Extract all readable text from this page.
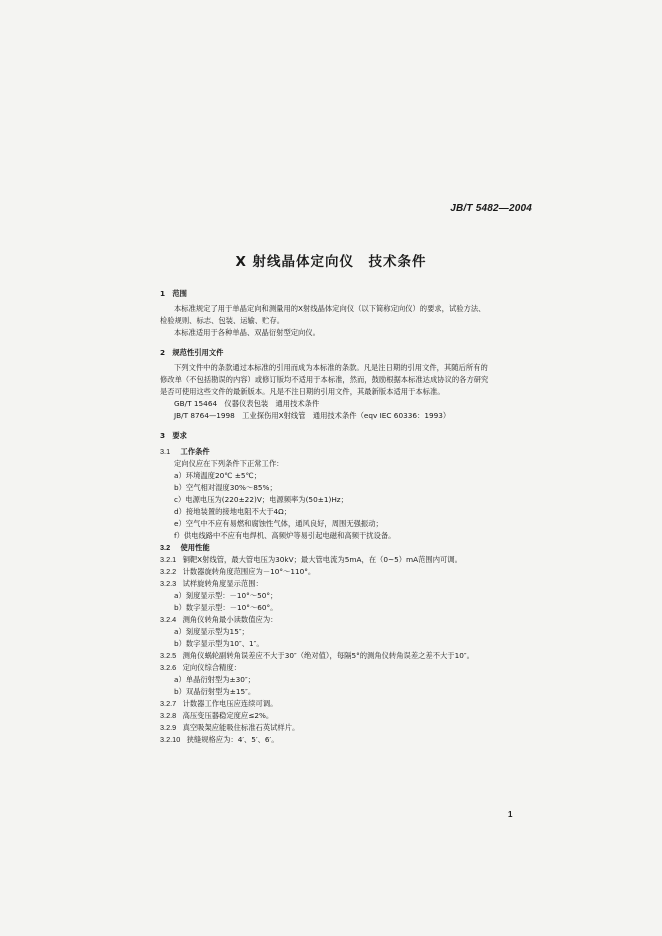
JB/T 5482—2004
X 射线晶体定向仪　技术条件
1　范围
本标准规定了用于单晶定向和测量用的X射线晶体定向仪（以下简称定向仪）的要求，试验方法、
检验规则、标志、包装、运输、贮存。
本标准适用于各种单晶、双晶衍射型定向仪。
2　规范性引用文件
下列文件中的条款通过本标准的引用而成为本标准的条款。凡是注日期的引用文件，其随后所有的
修改单（不包括勘误的内容）或修订版均不适用于本标准，然而，鼓励根据本标准达成协议的各方研究
是否可使用这些文件的最新版本。凡是不注日期的引用文件，其最新版本适用于本标准。
GB/T 15464　仪器仪表包装　通用技术条件
JB/T 8764—1998　工业探伤用X射线管　通用技术条件（eqv IEC 60336：1993）
3　要求
3.1 工作条件
定向仪应在下列条件下正常工作：
a）环境温度20℃ ±5℃；
b）空气相对湿度30%～85%；
c）电源电压为(220±22)V；电源频率为(50±1)Hz；
d）接地装置的接地电阻不大于4Ω；
e）空气中不应有易燃和腐蚀性气体，通风良好，周围无强振动；
f）供电线路中不应有电焊机、高频炉等易引起电磁和高频干扰设备。
3.2 使用性能
3.2.1 铜靶X射线管，最大管电压为30kV；最大管电流为5mA，在（0~5）mA范围内可调。
3.2.2 计数器旋转角度范围应为－10°～110°。
3.2.3 试样旋转角度显示范围：
a）刻度显示型：－10°～50°；
b）数字显示型：－10°～60°。
3.2.4 测角仪转角最小读数值应为：
a）刻度显示型为15″；
b）数字显示型为10″、1″。
3.2.5 测角仪蜗轮副转角误差应不大于30″（绝对值），每隔5°的测角仪转角误差之差不大于10″。
3.2.6 定向仪综合精度：
a）单晶衍射型为±30″；
b）双晶衍射型为±15″。
3.2.7 计数器工作电压应连续可调。
3.2.8 高压变压器稳定度应≤2%。
3.2.9 真空吸架应能吸住标准石英试样片。
3.2.10 狭缝规格应为：4′、5′、6′。
1
